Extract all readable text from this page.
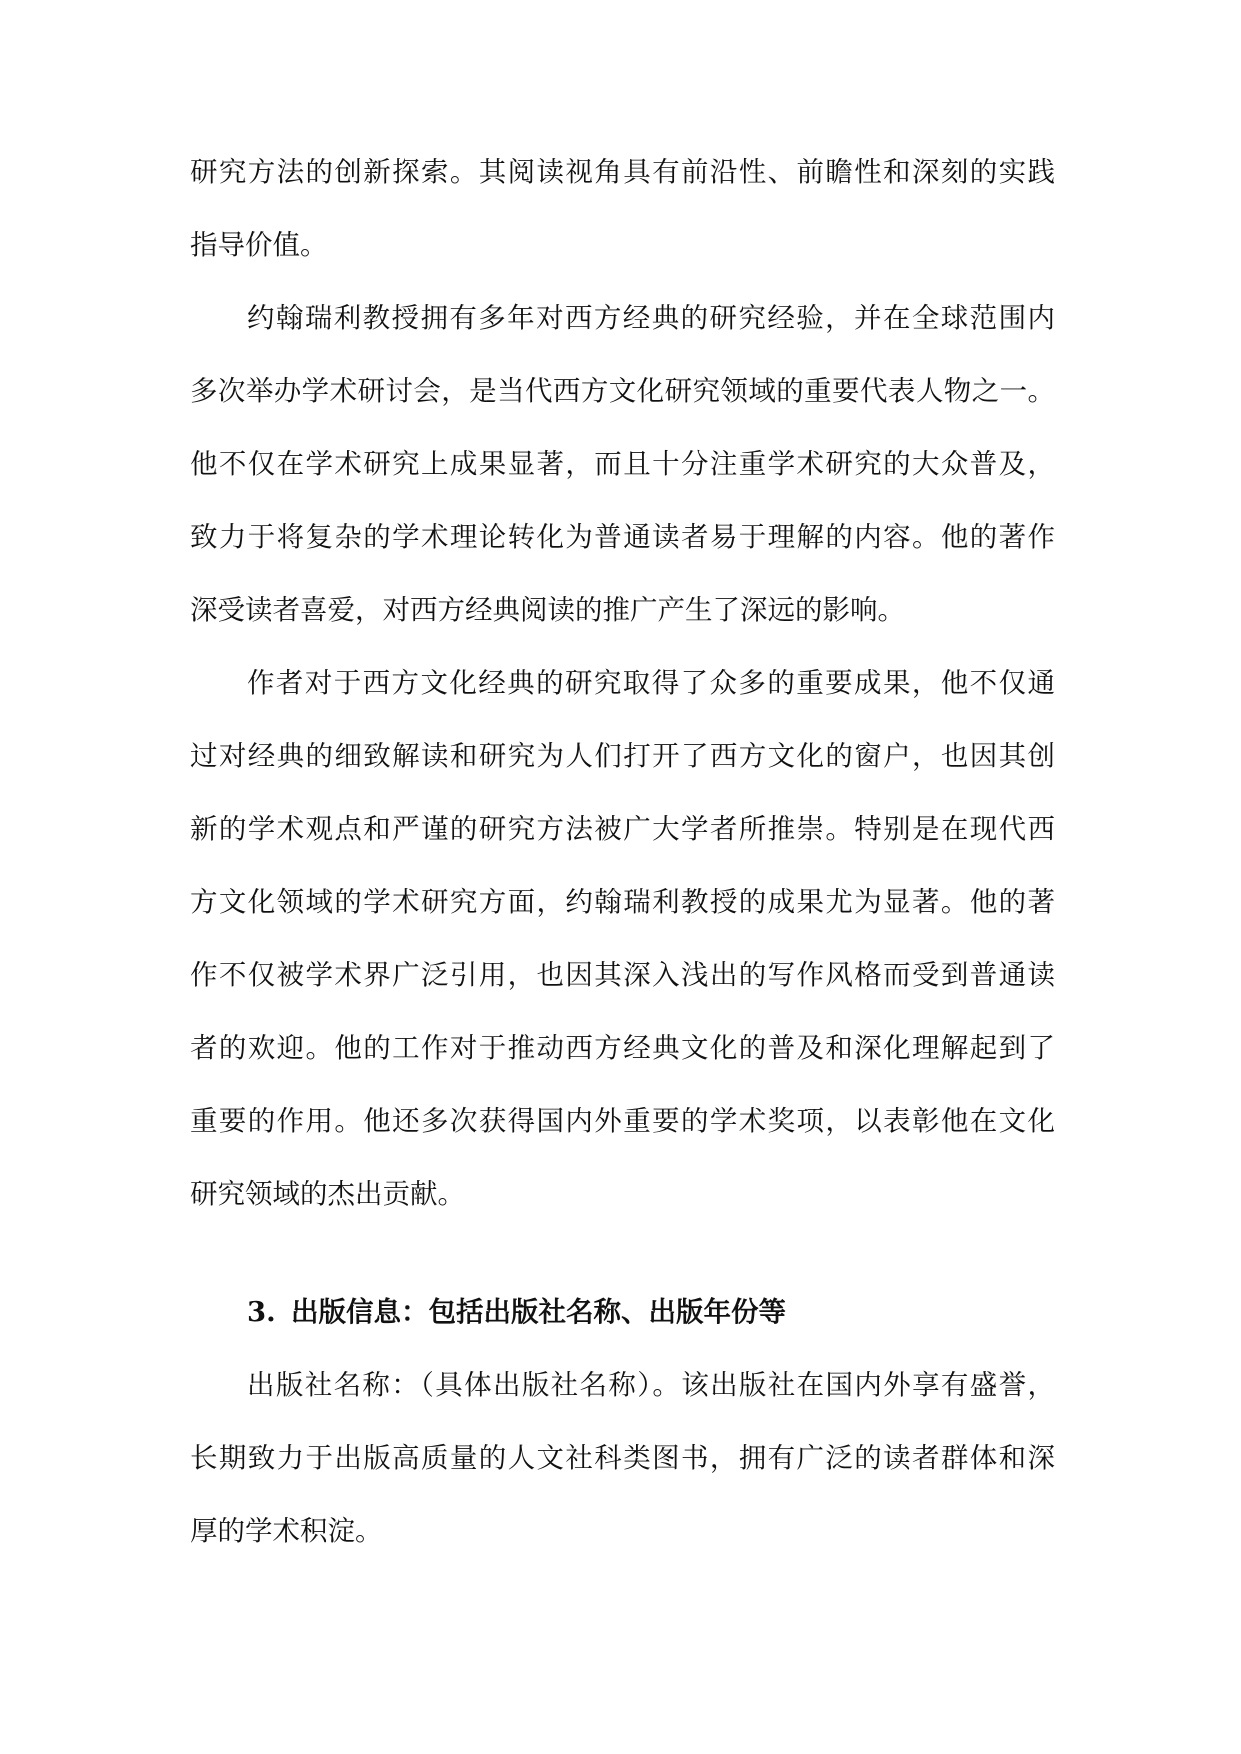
研究方法的创新探索。其阅读视角具有前沿性、前瞻性和深刻的实践
指导价值。
约翰瑞利教授拥有多年对西方经典的研究经验，并在全球范围内
多次举办学术研讨会，是当代西方文化研究领域的重要代表人物之一。
他不仅在学术研究上成果显著，而且十分注重学术研究的大众普及，
致力于将复杂的学术理论转化为普通读者易于理解的内容。他的著作
深受读者喜爱，对西方经典阅读的推广产生了深远的影响。
作者对于西方文化经典的研究取得了众多的重要成果，他不仅通
过对经典的细致解读和研究为人们打开了西方文化的窗户，也因其创
新的学术观点和严谨的研究方法被广大学者所推崇。特别是在现代西
方文化领域的学术研究方面，约翰瑞利教授的成果尤为显著。他的著
作不仅被学术界广泛引用，也因其深入浅出的写作风格而受到普通读
者的欢迎。他的工作对于推动西方经典文化的普及和深化理解起到了
重要的作用。他还多次获得国内外重要的学术奖项，以表彰他在文化
研究领域的杰出贡献。
3. 出版信息：包括出版社名称、出版年份等
出版社名称：（具体出版社名称）。该出版社在国内外享有盛誉，
长期致力于出版高质量的人文社科类图书，拥有广泛的读者群体和深
厚的学术积淀。
